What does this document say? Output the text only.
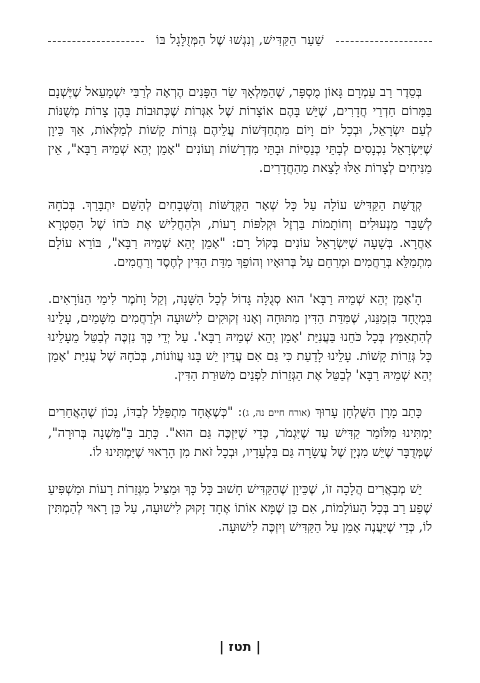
שַׁעַר הַקַּדִּישׁ, וְנִגְשׁוּ שֶׁל הַמְּזֻלָּגָל בּוֹ

בְּסֵדֶר רַב עַמְרָם גָּאוֹן מֻסְפָּר, שֶׁהַמַּלְאָךְ שַׂר הַפָּנִים הֶרְאָה לְרַבִּי יִשְׁמָעֵאל שֶׁיֶּשְׁנָם בַּמָּרוֹם חַדְרֵי חֲדָרִים, שֶׁיֵּשׁ בָּהֶם אוֹצָרוֹת שֶׁל אִגְּרוֹת שֶׁכְּתוּבוֹת בָּהֶן צָרוֹת מְשֻׁנּוֹת לְעַם יִשְׂרָאֵל, וּבְכָל יוֹם וָיוֹם מִתְחַדְּשׁוֹת עֲלֵיהֶם גְּזֵרוֹת קָשׁוֹת לְמַלְּאוֹת, אַךְ כֵּיוָן שֶׁיִּשְׂרָאֵל נִכְנָסִים לְבָתֵּי כְּנֵסִיּוֹת וּבָתֵּי מִדְרָשׁוֹת וְעוֹנִים "אָמֵן יְהֵא שְׁמֵיהּ רַבָּא", אֵין מַנִּיחִים לְצָרוֹת אֵלּוּ לָצֵאת מֵהַחֲדָרִים.

קְדֻשַּׁת הַקַּדִּישׁ עוֹלָה עַל כָּל שְׁאָר הַקְּדֻשּׁוֹת וְהַשְּׁבָחִים לְהַשֵּׁם יִתְבָּרַךְ. בְּכֹחָהּ לְשַׁבֵּר מַנְעוּלִים וְחוֹתָמוֹת בַּרְזֶל וּקְלִפּוֹת רָעוֹת, וּלְהַחֲלִישׁ אֶת כֹּחוֹ שֶׁל הַסִּטְרָא אַחֲרָא. בְּשָׁעָה שֶׁיִּשְׂרָאֵל עוֹנִים בְּקוֹל רָם: "אָמֵן יְהֵא שְׁמֵיהּ רַבָּא", בּוֹרֵא עוֹלָם מִתְמַלֵּא בְּרַחֲמִים וּמְרַחֵם עַל בְּרוּאָיו וְהוֹפֵךְ מִדַּת הַדִּין לְחֶסֶד וְרַחֲמִים.

הָ'אָמֵן יְהֵא שְׁמֵיהּ רַבָּא' הוּא סְגֻלָּה גָּדוֹל לְכָל הַשָּׁנָה, וְקַל וָחֹמֶר לִימֵי הַנּוֹרָאִים. בִּמְיֻחָד בִּזְמַנֵּנוּ, שֶׁמִּדַּת הַדִּין מִתּוּחָה וְאָנוּ זְקוּקִים לִישׁוּעָה וּלְרַחֲמִים מִשָּׁמַיִם, עָלֵינוּ לְהִתְאַמֵּץ בְּכָל כֹּחֵנוּ בַּעֲנִיַּת 'אָמֵן יְהֵא שְׁמֵיהּ רַבָּא'. עַל יְדֵי כָּךְ נִזְכֶּה לְבַטֵּל מֵעָלֵינוּ כָּל גְּזֵרוֹת קָשׁוֹת. עָלֵינוּ לָדַעַת כִּי גַּם אִם עֲדַיִן יֵשׁ בָּנוּ עֲווֹנוֹת, בְּכֹחָהּ שֶׁל עֲנִיַּת 'אָמֵן יְהֵא שְׁמֵיהּ רַבָּא' לְבַטֵּל אֶת הַגְּזֵרוֹת לִפְנֵים מִשּׁוּרַת הַדִּין.

כָּתַב מָרָן הַשֻּׁלְחָן עָרוּךְ (אורח חיים נה, ג): "כְּשֶׁאֶחָד מִתְפַּלֵּל לְבַדּוֹ, נָכוֹן שֶׁהָאֲחֵרִים יַמְתִּינוּ מִלּוֹמַר קַדִּישׁ עַד שֶׁיִּגְמֹר, כְּדֵי שֶׁיִּזְכֶּה גַּם הוּא". כָּתַב בַּ"מִּשְׁנָה בְּרוּרָה", שֶׁמְּדֻבָּר שֶׁיֵּשׁ מִנְיָן שֶׁל עֲשָׂרָה גַּם בִּלְעָדָיו, וּבְכָל זֹאת מִן הָרָאוּי שֶׁיַּמְתִּינוּ לוֹ.

יֵשׁ מְבָאֲרִים הֲלָכָה זוֹ, שֶׁכֵּיוָן שֶׁהַקַּדִּישׁ חָשׁוּב כָּל כָּךְ וּמַצִּיל מִגְּזֵרוֹת רָעוֹת וּמַשְׁפִּיעַ שֶׁפַע רַב בְּכָל הָעוֹלָמוֹת, אִם כֵּן שֶׁמָּא אוֹתוֹ אֶחָד זָקוּק לִישׁוּעָה, עַל כֵּן רָאוּי לְהַמְתִּין לוֹ, כְּדֵי שֶׁיַּעֲנֶה אָמֵן עַל הַקַּדִּישׁ וְיִזְכֶּה לִישׁוּעָה.

| תטז |
